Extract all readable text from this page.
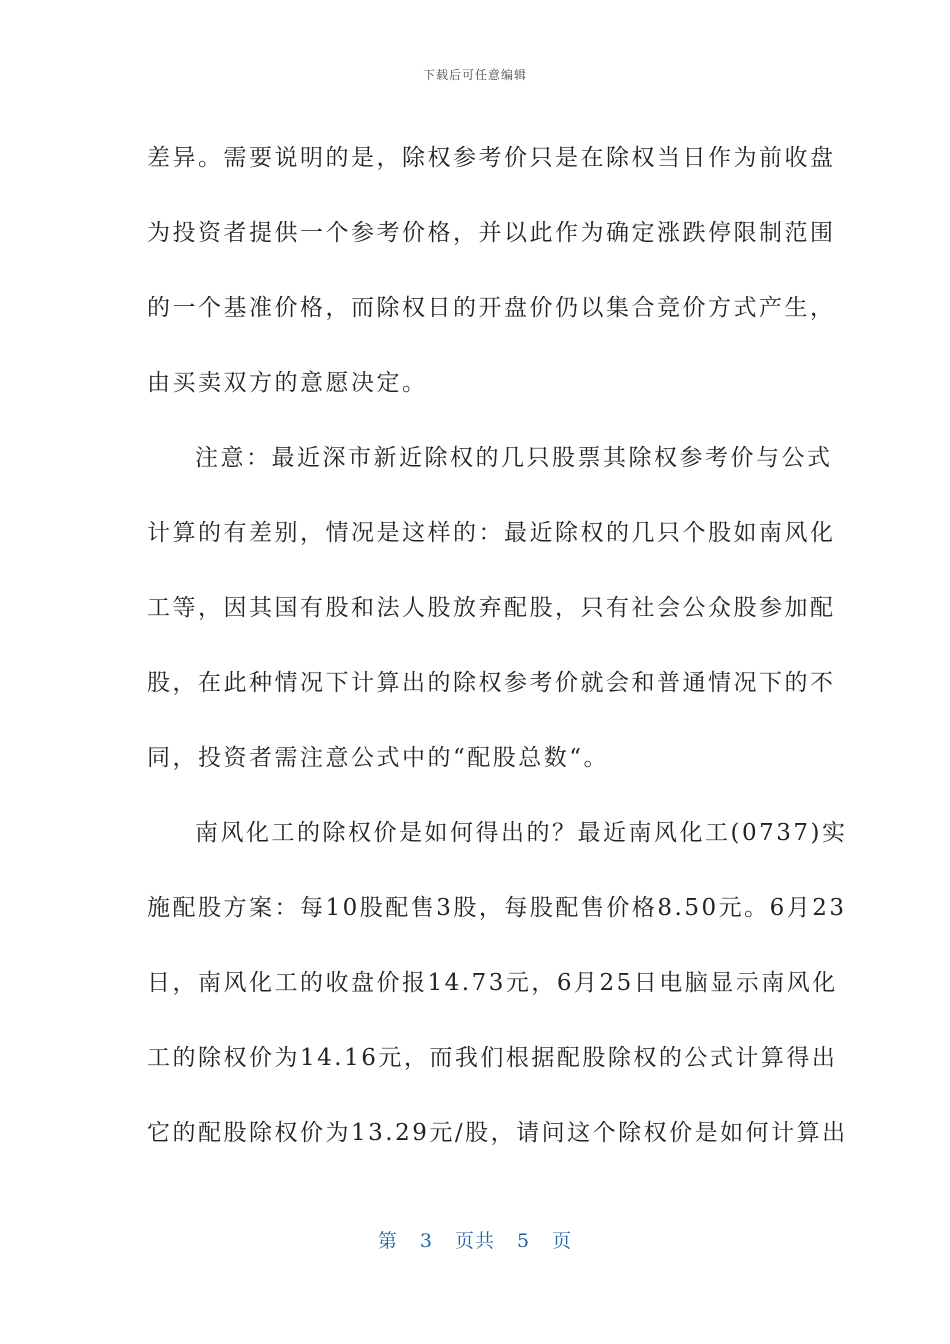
下载后可任意编辑

差异。需要说明的是，除权参考价只是在除权当日作为前收盘
为投资者提供一个参考价格，并以此作为确定涨跌停限制范围
的一个基准价格，而除权日的开盘价仍以集合竞价方式产生，
由买卖双方的意愿决定。

注意：最近深市新近除权的几只股票其除权参考价与公式
计算的有差别，情况是这样的：最近除权的几只个股如南风化
工等，因其国有股和法人股放弃配股，只有社会公众股参加配
股，在此种情况下计算出的除权参考价就会和普通情况下的不
同，投资者需注意公式中的“配股总数“。

南风化工的除权价是如何得出的？最近南风化工(0737)实
施配股方案：每10股配售3股，每股配售价格8.50元。6月23
日，南风化工的收盘价报14.73元，6月25日电脑显示南风化
工的除权价为14.16元，而我们根据配股除权的公式计算得出
它的配股除权价为13.29元/股，请问这个除权价是如何计算出

第 3 页共 5 页
